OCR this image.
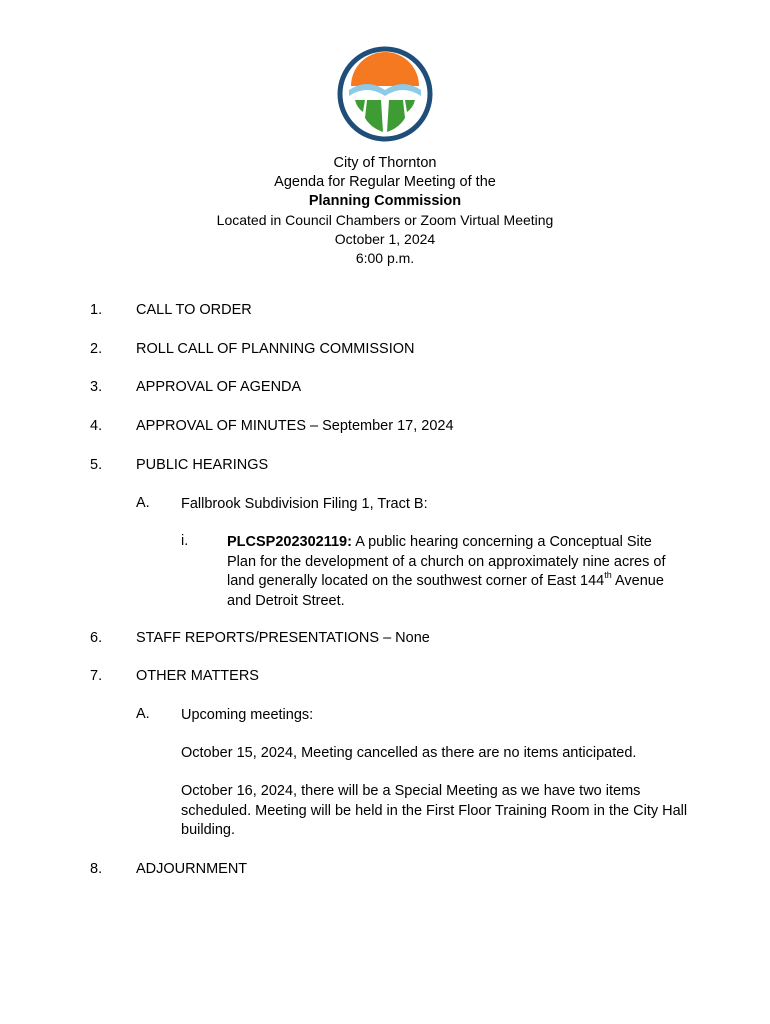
City of Thornton
Agenda for Regular Meeting of the
Planning Commission
Located in Council Chambers or Zoom Virtual Meeting
October 1, 2024
6:00 p.m.
1. CALL TO ORDER
2. ROLL CALL OF PLANNING COMMISSION
3. APPROVAL OF AGENDA
4. APPROVAL OF MINUTES – September 17, 2024
5. PUBLIC HEARINGS
A. Fallbrook Subdivision Filing 1, Tract B:
i.	PLCSP202302119: A public hearing concerning a Conceptual Site Plan for the development of a church on approximately nine acres of land generally located on the southwest corner of East 144th Avenue and Detroit Street.
6. STAFF REPORTS/PRESENTATIONS – None
7. OTHER MATTERS
A. Upcoming meetings:
October 15, 2024, Meeting cancelled as there are no items anticipated.
October 16, 2024, there will be a Special Meeting as we have two items scheduled. Meeting will be held in the First Floor Training Room in the City Hall building.
8. ADJOURNMENT
